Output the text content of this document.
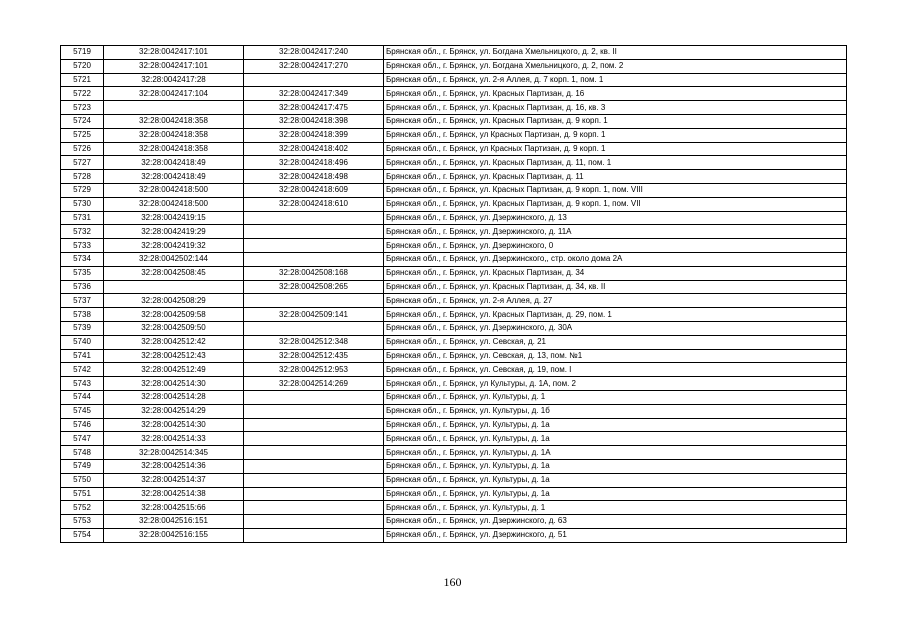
5719	32:28:0042417:101	32:28:0042417:240	Брянская обл., г. Брянск, ул. Богдана Хмельницкого, д. 2, кв. II
5720	32:28:0042417:101	32:28:0042417:270	Брянская обл., г. Брянск, ул. Богдана Хмельницкого, д. 2, пом. 2
5721	32:28:0042417:28		Брянская обл., г. Брянск, ул. 2-я Аллея, д. 7 корп. 1, пом. 1
5722	32:28:0042417:104	32:28:0042417:349	Брянская обл., г. Брянск, ул. Красных Партизан, д. 16
5723		32:28:0042417:475	Брянская обл., г. Брянск, ул. Красных Партизан, д. 16, кв. 3
5724	32:28:0042418:358	32:28:0042418:398	Брянская обл., г. Брянск, ул. Красных Партизан, д. 9 корп. 1
5725	32:28:0042418:358	32:28:0042418:399	Брянская обл., г. Брянск, ул Красных Партизан, д. 9 корп. 1
5726	32:28:0042418:358	32:28:0042418:402	Брянская обл., г. Брянск, ул Красных Партизан, д. 9 корп. 1
5727	32:28:0042418:49	32:28:0042418:496	Брянская обл., г. Брянск, ул. Красных Партизан, д. 11, пом. 1
5728	32:28:0042418:49	32:28:0042418:498	Брянская обл., г. Брянск, ул. Красных Партизан, д. 11
5729	32:28:0042418:500	32:28:0042418:609	Брянская обл., г. Брянск, ул. Красных Партизан, д. 9 корп. 1, пом. VIII
5730	32:28:0042418:500	32:28:0042418:610	Брянская обл., г. Брянск, ул. Красных Партизан, д. 9 корп. 1, пом. VII
5731	32:28:0042419:15		Брянская обл., г. Брянск, ул. Дзержинского, д. 13
5732	32:28:0042419:29		Брянская обл., г. Брянск, ул. Дзержинского, д. 11А
5733	32:28:0042419:32		Брянская обл., г. Брянск, ул. Дзержинского, 0
5734	32:28:0042502:144		Брянская обл., г. Брянск, ул. Дзержинского,, стр. около дома 2А
5735	32:28:0042508:45	32:28:0042508:168	Брянская обл., г. Брянск, ул. Красных Партизан, д. 34
5736		32:28:0042508:265	Брянская обл., г. Брянск, ул. Красных Партизан, д. 34, кв. II
5737	32:28:0042508:29		Брянская обл., г. Брянск, ул. 2-я Аллея, д. 27
5738	32:28:0042509:58	32:28:0042509:141	Брянская обл., г. Брянск, ул. Красных Партизан, д. 29, пом. 1
5739	32:28:0042509:50		Брянская обл., г. Брянск, ул. Дзержинского, д. 30А
5740	32:28:0042512:42	32:28:0042512:348	Брянская обл., г. Брянск, ул. Севская, д. 21
5741	32:28:0042512:43	32:28:0042512:435	Брянская обл., г. Брянск, ул. Севская, д. 13, пом. №1
5742	32:28:0042512:49	32:28:0042512:953	Брянская обл., г. Брянск, ул. Севская, д. 19, пом. I
5743	32:28:0042514:30	32:28:0042514:269	Брянская обл., г. Брянск, ул Культуры, д. 1А, пом. 2
5744	32:28:0042514:28		Брянская обл., г. Брянск, ул. Культуры, д. 1
5745	32:28:0042514:29		Брянская обл., г. Брянск, ул. Культуры, д. 1б
5746	32:28:0042514:30		Брянская обл., г. Брянск, ул. Культуры, д. 1а
5747	32:28:0042514:33		Брянская обл., г. Брянск, ул. Культуры, д. 1а
5748	32:28:0042514:345		Брянская обл., г. Брянск, ул. Культуры, д. 1А
5749	32:28:0042514:36		Брянская обл., г. Брянск, ул. Культуры, д. 1а
5750	32:28:0042514:37		Брянская обл., г. Брянск, ул. Культуры, д. 1а
5751	32:28:0042514:38		Брянская обл., г. Брянск, ул. Культуры, д. 1а
5752	32:28:0042515:66		Брянская обл., г. Брянск, ул. Культуры, д. 1
5753	32:28:0042516:151		Брянская обл., г. Брянск, ул. Дзержинского, д. 63
5754	32:28:0042516:155		Брянская обл., г. Брянск, ул. Дзержинского, д. 51
160
